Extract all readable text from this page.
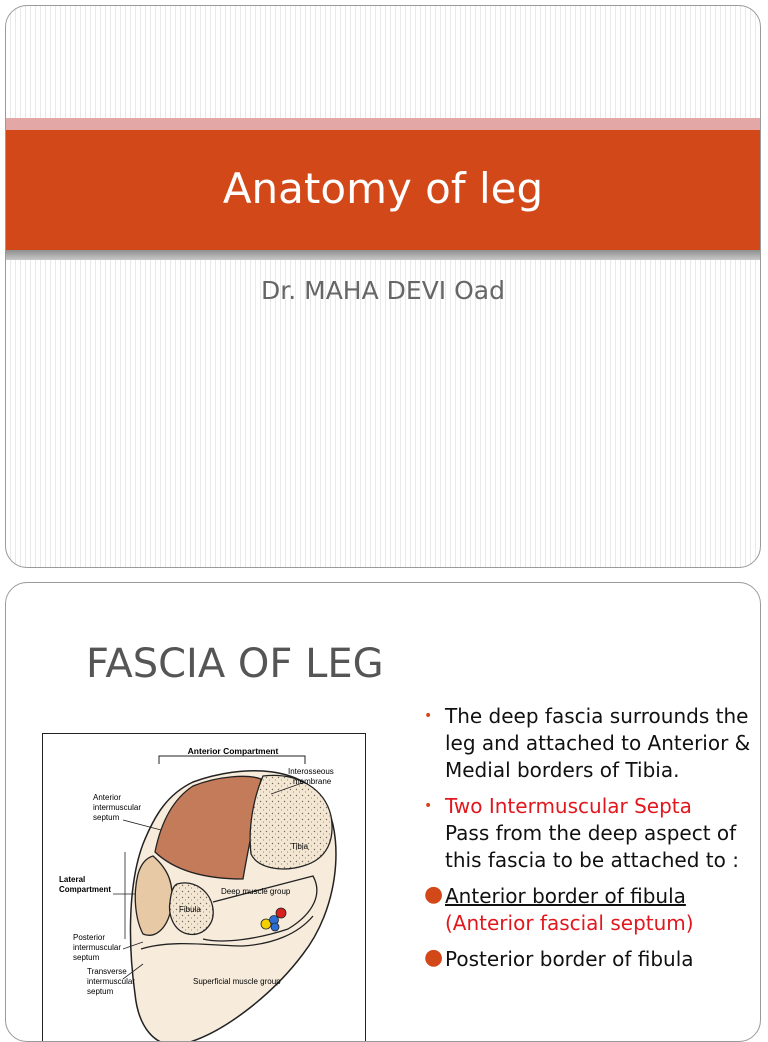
Anatomy of leg
Dr. MAHA DEVI Oad
FASCIA OF LEG
Anterior Compartment
Interosseous
membrane
Anterior
intermuscular
septum
Lateral
Compartment
Tibia
Fibula
Deep muscle group
Posterior
intermuscular
septum
Transverse
intermuscular
septum
Superficial muscle group
• The deep fascia surrounds the leg and attached to Anterior & Medial borders of Tibia.
• Two Intermuscular Septa
Pass from the deep aspect of this fascia to be attached to :
● Anterior border of fibula
(Anterior fascial septum)
● Posterior border of fibula
